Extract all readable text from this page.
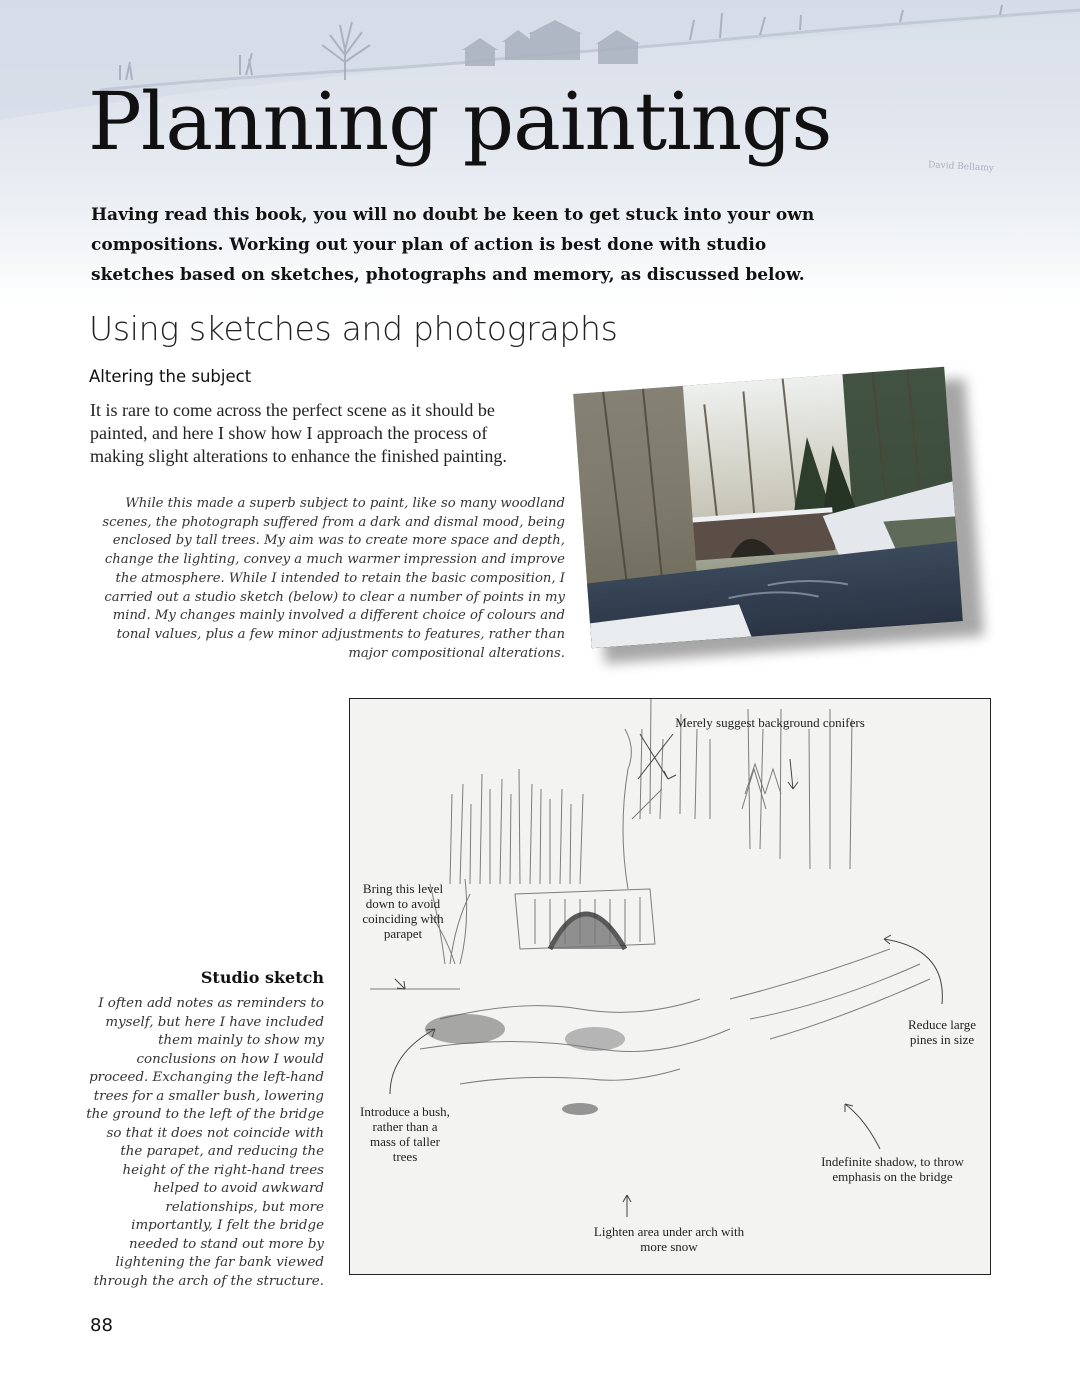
David Bellamy
Planning paintings

Having read this book, you will no doubt be keen to get stuck into your own compositions. Working out your plan of action is best done with studio sketches based on sketches, photographs and memory, as discussed below.

Using sketches and photographs
Altering the subject

It is rare to come across the perfect scene as it should be painted, and here I show how I approach the process of making slight alterations to enhance the finished painting.

While this made a superb subject to paint, like so many woodland scenes, the photograph suffered from a dark and dismal mood, being enclosed by tall trees. My aim was to create more space and depth, change the lighting, convey a much warmer impression and improve the atmosphere. While I intended to retain the basic composition, I carried out a studio sketch (below) to clear a number of points in my mind. My changes mainly involved a different choice of colours and tonal values, plus a few minor adjustments to features, rather than major compositional alterations.

Merely suggest background conifers
Bring this level down to avoid coinciding with parapet
Reduce large pines in size
Introduce a bush, rather than a mass of taller trees	Indefinite shadow, to throw emphasis on the bridge
Lighten area under arch with more snow
Studio sketch

I often add notes as reminders to myself, but here I have included them mainly to show my conclusions on how I would proceed. Exchanging the left-hand trees for a smaller bush, lowering the ground to the left of the bridge so that it does not coincide with the parapet, and reducing the height of the right-hand trees helped to avoid awkward relationships, but more importantly, I felt the bridge needed to stand out more by lightening the far bank viewed through the arch of the structure.

88
